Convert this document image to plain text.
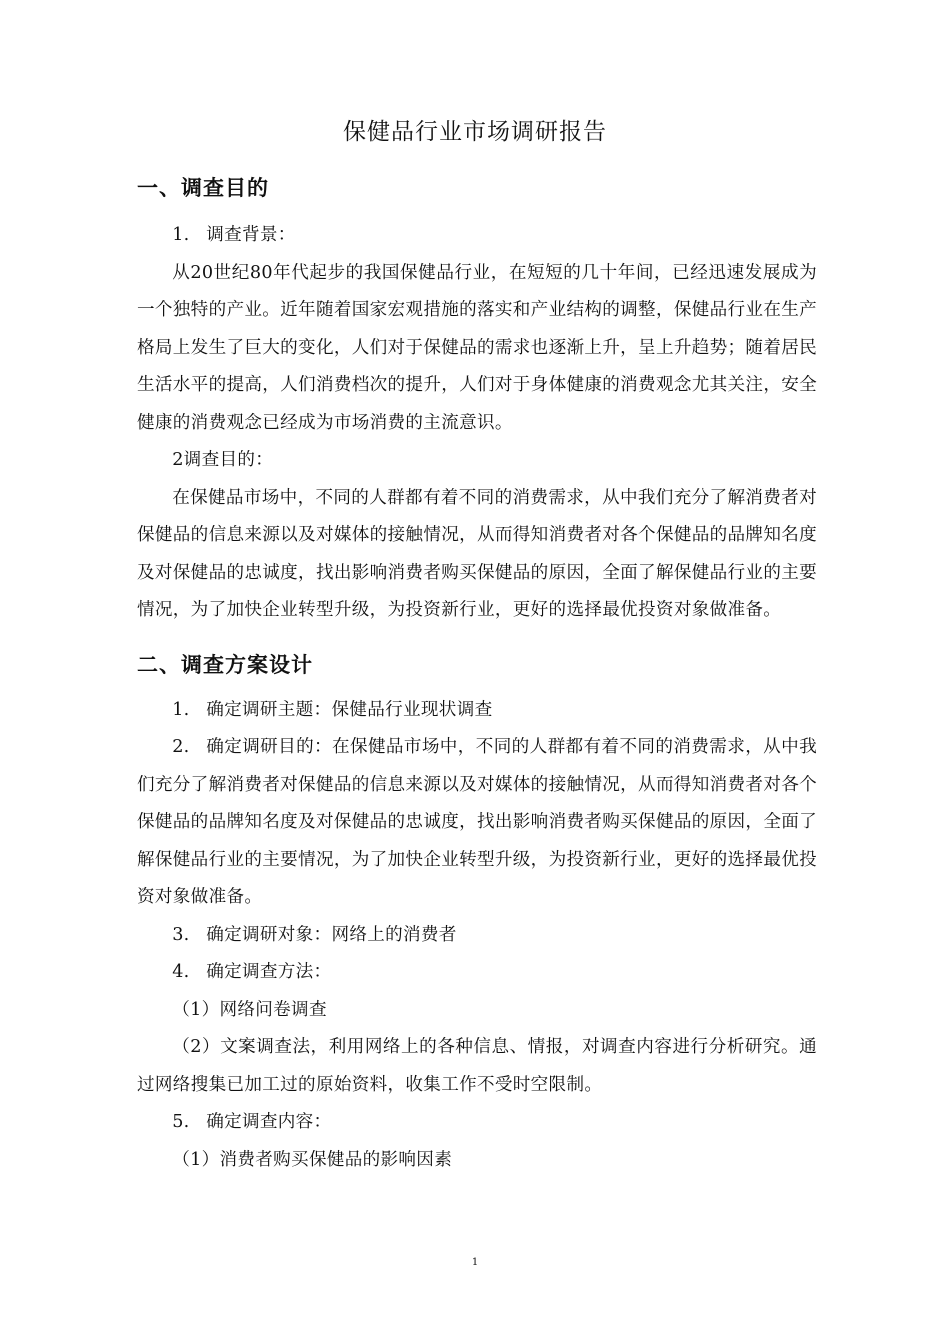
保健品行业市场调研报告
一、调查目的

1. 调查背景：

从20世纪80年代起步的我国保健品行业，在短短的几十年间，已经迅速发展成为一个独特的产业。近年随着国家宏观措施的落实和产业结构的调整，保健品行业在生产格局上发生了巨大的变化，人们对于保健品的需求也逐渐上升，呈上升趋势；随着居民生活水平的提高，人们消费档次的提升，人们对于身体健康的消费观念尤其关注，安全健康的消费观念已经成为市场消费的主流意识。

2调查目的：

在保健品市场中，不同的人群都有着不同的消费需求，从中我们充分了解消费者对保健品的信息来源以及对媒体的接触情况，从而得知消费者对各个保健品的品牌知名度及对保健品的忠诚度，找出影响消费者购买保健品的原因，全面了解保健品行业的主要情况，为了加快企业转型升级，为投资新行业，更好的选择最优投资对象做准备。

二、调查方案设计

1. 确定调研主题：保健品行业现状调查

2. 确定调研目的：在保健品市场中，不同的人群都有着不同的消费需求，从中我们充分了解消费者对保健品的信息来源以及对媒体的接触情况，从而得知消费者对各个保健品的品牌知名度及对保健品的忠诚度，找出影响消费者购买保健品的原因，全面了解保健品行业的主要情况，为了加快企业转型升级，为投资新行业，更好的选择最优投资对象做准备。

3. 确定调研对象：网络上的消费者

4. 确定调查方法：

（1）网络问卷调查

（2）文案调查法，利用网络上的各种信息、情报，对调查内容进行分析研究。通过网络搜集已加工过的原始资料，收集工作不受时空限制。

5. 确定调查内容：

（1）消费者购买保健品的影响因素

1
